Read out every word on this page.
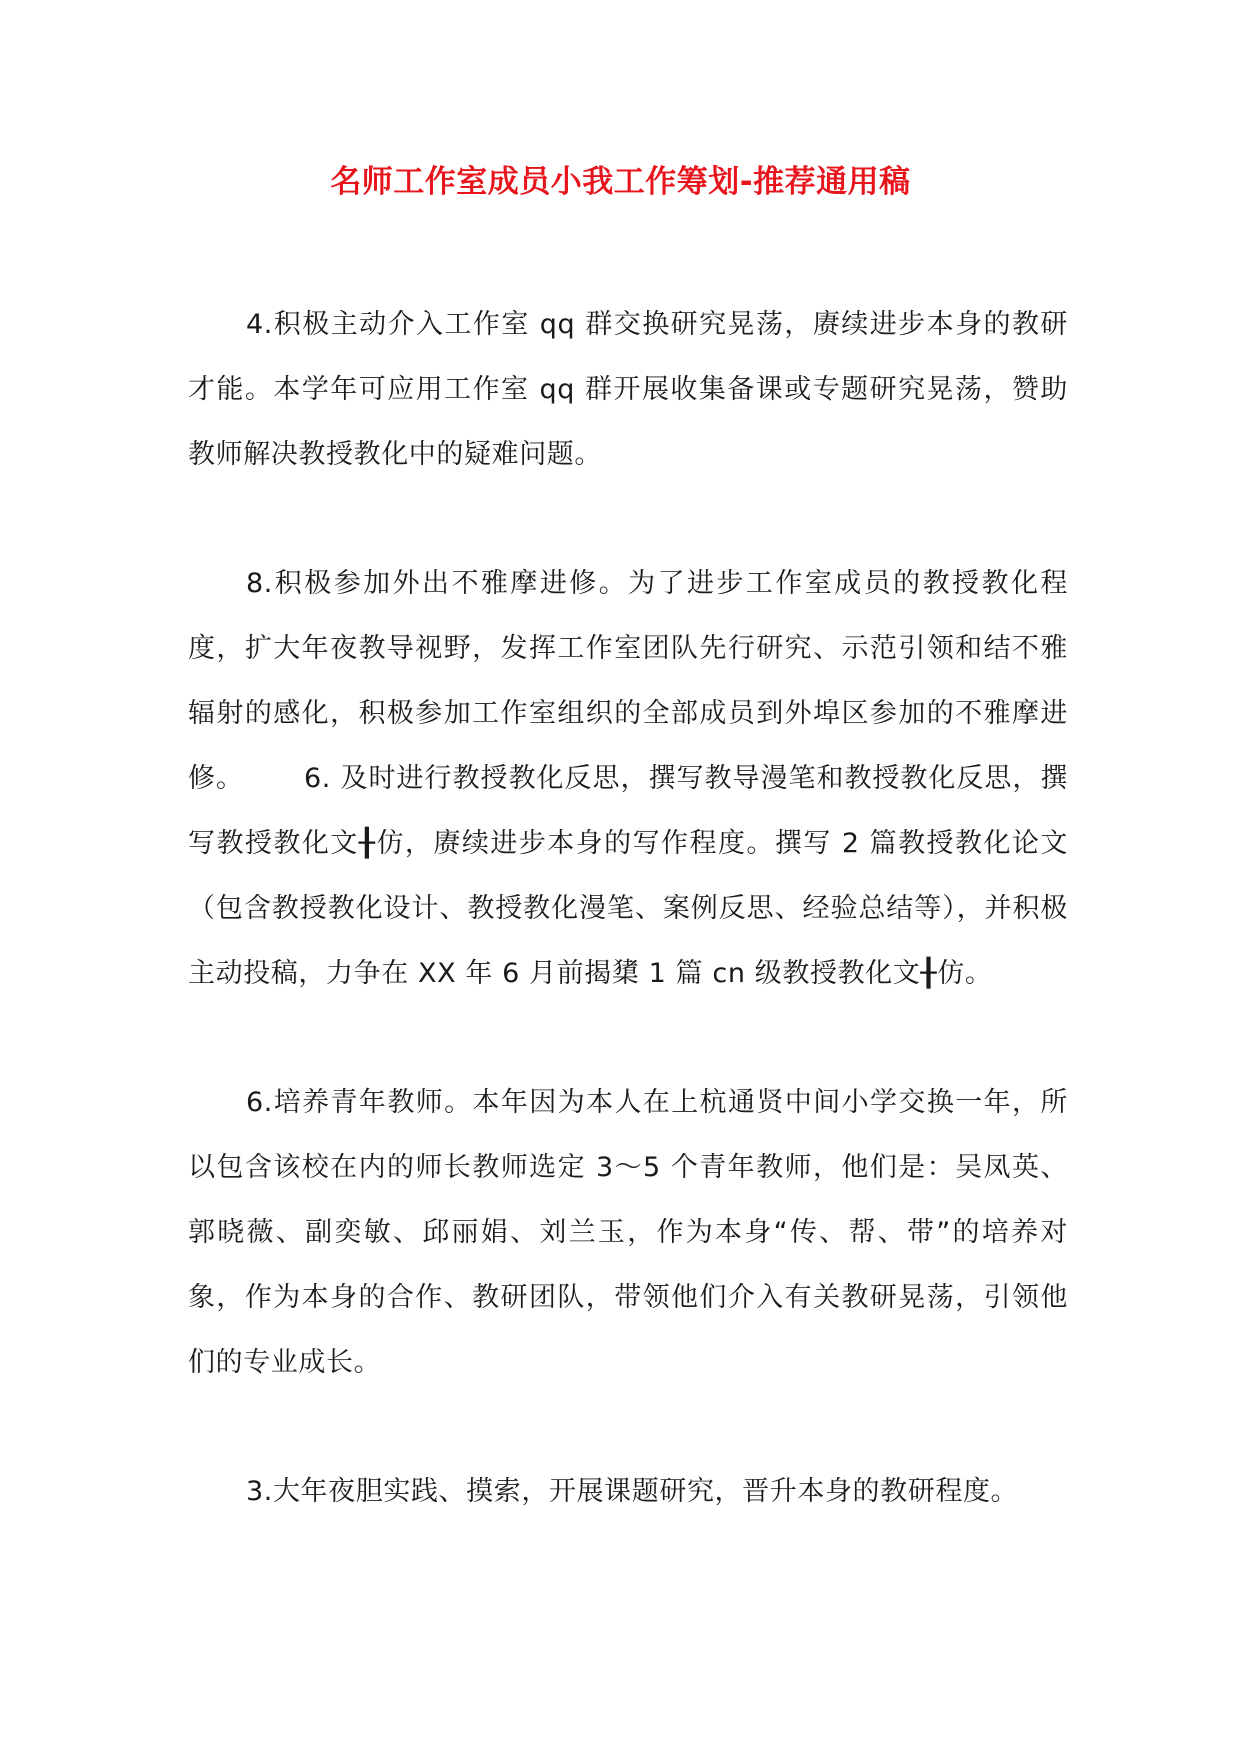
名师工作室成员小我工作筹划-推荐通用稿

4.积极主动介入工作室 qq 群交换研究晃荡，赓续进步本身的教研才能。本学年可应用工作室 qq 群开展收集备课或专题研究晃荡，赞助教师解决教授教化中的疑难问题。

8.积极参加外出不雅摩进修。为了进步工作室成员的教授教化程度，扩大年夜教导视野，发挥工作室团队先行研究、示范引领和结不雅辐射的感化，积极参加工作室组织的全部成员到外埠区参加的不雅摩进修。 6. 及时进行教授教化反思，撰写教导漫笔和教授教化反思，撰写教授教化文╂仿，赓续进步本身的写作程度。撰写 2 篇教授教化论文（包含教授教化设计、教授教化漫笔、案例反思、经验总结等），并积极主动投稿，力争在 XX 年 6 月前揭橥 1 篇 cn 级教授教化文╂仿。

6.培养青年教师。本年因为本人在上杭通贤中间小学交换一年，所以包含该校在内的师长教师选定 3～5 个青年教师，他们是：吴凤英、郭晓薇、副奕敏、邱丽娟、刘兰玉，作为本身“传、帮、带”的培养对象，作为本身的合作、教研团队，带领他们介入有关教研晃荡，引领他们的专业成长。

3.大年夜胆实践、摸索，开展课题研究，晋升本身的教研程度。
